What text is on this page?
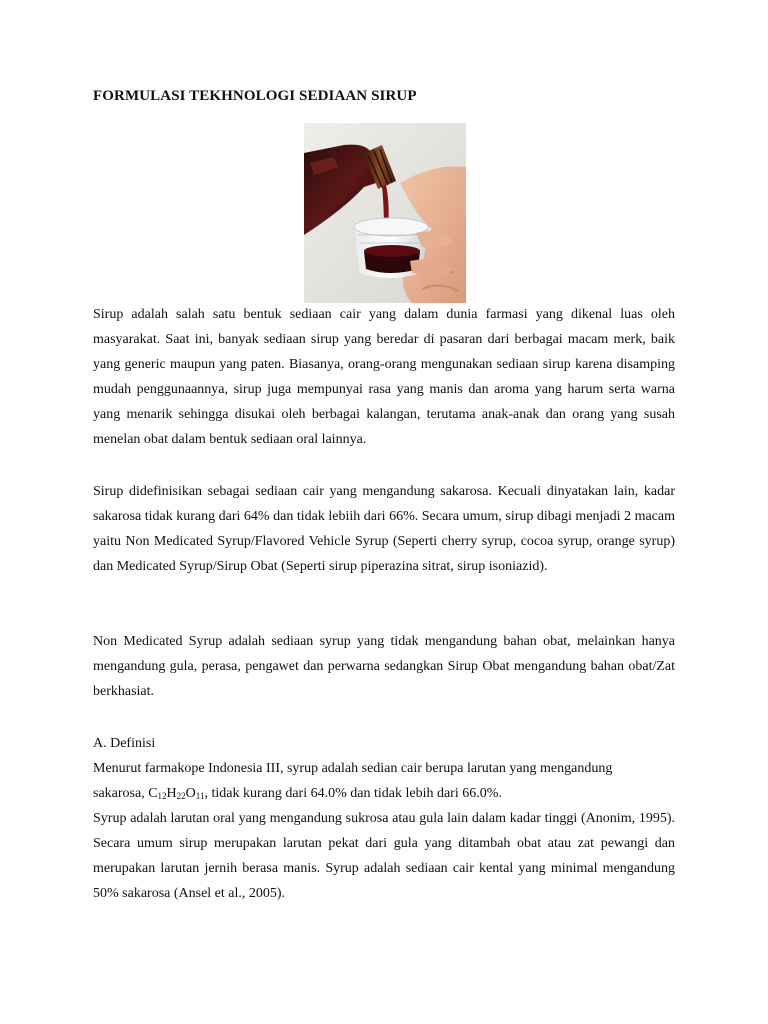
FORMULASI TEKHNOLOGI SEDIAAN SIRUP

Sirup adalah salah satu bentuk sediaan cair yang dalam dunia farmasi yang dikenal luas oleh masyarakat. Saat ini, banyak sediaan sirup yang beredar di pasaran dari berbagai macam merk, baik yang generic maupun yang paten. Biasanya, orang-orang mengunakan sediaan sirup karena disamping mudah penggunaannya, sirup juga mempunyai rasa yang manis dan aroma yang harum serta warna yang menarik sehingga disukai oleh berbagai kalangan, terutama anak-anak dan orang yang susah menelan obat dalam bentuk sediaan oral lainnya.

Sirup didefinisikan sebagai sediaan cair yang mengandung sakarosa. Kecuali dinyatakan lain, kadar sakarosa tidak kurang dari 64% dan tidak lebiih dari 66%. Secara umum, sirup dibagi menjadi 2 macam yaitu Non Medicated Syrup/Flavored Vehicle Syrup (Seperti cherry syrup, cocoa syrup, orange syrup) dan Medicated Syrup/Sirup Obat (Seperti sirup piperazina sitrat, sirup isoniazid).

Non Medicated Syrup adalah sediaan syrup yang tidak mengandung bahan obat, melainkan hanya mengandung gula, perasa, pengawet dan perwarna sedangkan Sirup Obat mengandung bahan obat/Zat berkhasiat.

A. Definisi

Menurut farmakope Indonesia III, syrup adalah sedian cair berupa larutan yang mengandung

sakarosa, $C_{12}H_{22}O_{11}$, tidak kurang dari 64.0% dan tidak lebih dari 66.0%.

Syrup adalah larutan oral yang mengandung sukrosa atau gula lain dalam kadar tinggi (Anonim, 1995). Secara umum sirup merupakan larutan pekat dari gula yang ditambah obat atau zat pewangi dan merupakan larutan jernih berasa manis. Syrup adalah sediaan cair kental yang minimal mengandung 50% sakarosa (Ansel et al., 2005).
